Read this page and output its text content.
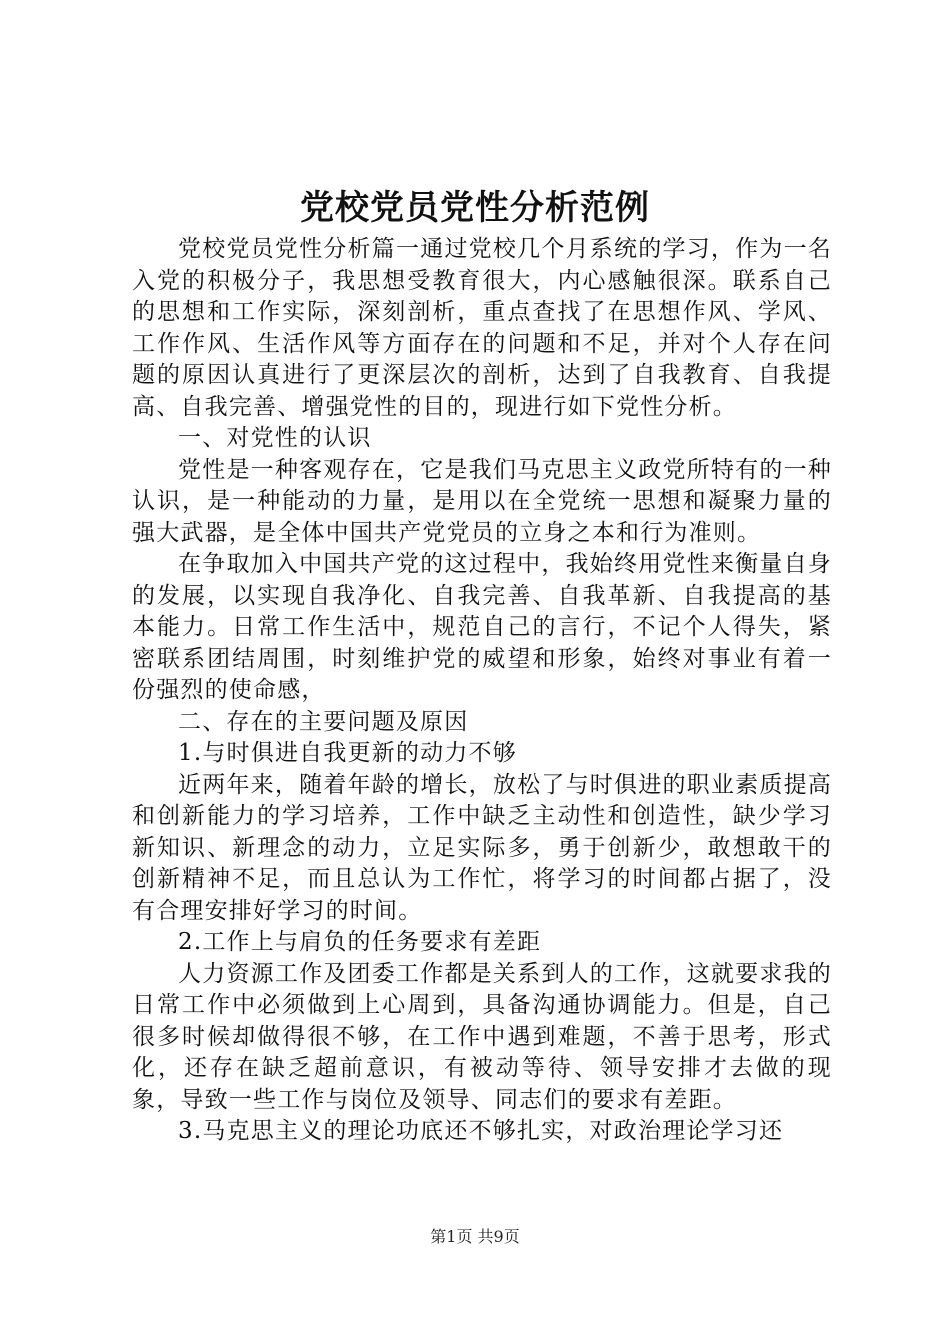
党校党员党性分析范例

党校党员党性分析篇一通过党校几个月系统的学习，作为一名入党的积极分子，我思想受教育很大，内心感触很深。联系自己的思想和工作实际，深刻剖析，重点查找了在思想作风、学风、工作作风、生活作风等方面存在的问题和不足，并对个人存在问题的原因认真进行了更深层次的剖析，达到了自我教育、自我提高、自我完善、增强党性的目的，现进行如下党性分析。

一、对党性的认识

党性是一种客观存在，它是我们马克思主义政党所特有的一种认识，是一种能动的力量，是用以在全党统一思想和凝聚力量的强大武器，是全体中国共产党党员的立身之本和行为准则。

在争取加入中国共产党的这过程中，我始终用党性来衡量自身的发展，以实现自我净化、自我完善、自我革新、自我提高的基本能力。日常工作生活中，规范自己的言行，不记个人得失，紧密联系团结周围，时刻维护党的威望和形象，始终对事业有着一份强烈的使命感，

二、存在的主要问题及原因

1.与时俱进自我更新的动力不够

近两年来，随着年龄的增长，放松了与时俱进的职业素质提高和创新能力的学习培养，工作中缺乏主动性和创造性，缺少学习新知识、新理念的动力，立足实际多，勇于创新少，敢想敢干的创新精神不足，而且总认为工作忙，将学习的时间都占据了，没有合理安排好学习的时间。

2.工作上与肩负的任务要求有差距

人力资源工作及团委工作都是关系到人的工作，这就要求我的日常工作中必须做到上心周到，具备沟通协调能力。但是，自己很多时候却做得很不够，在工作中遇到难题，不善于思考，形式化，还存在缺乏超前意识，有被动等待、领导安排才去做的现象，导致一些工作与岗位及领导、同志们的要求有差距。

3.马克思主义的理论功底还不够扎实，对政治理论学习还

第1页 共9页
